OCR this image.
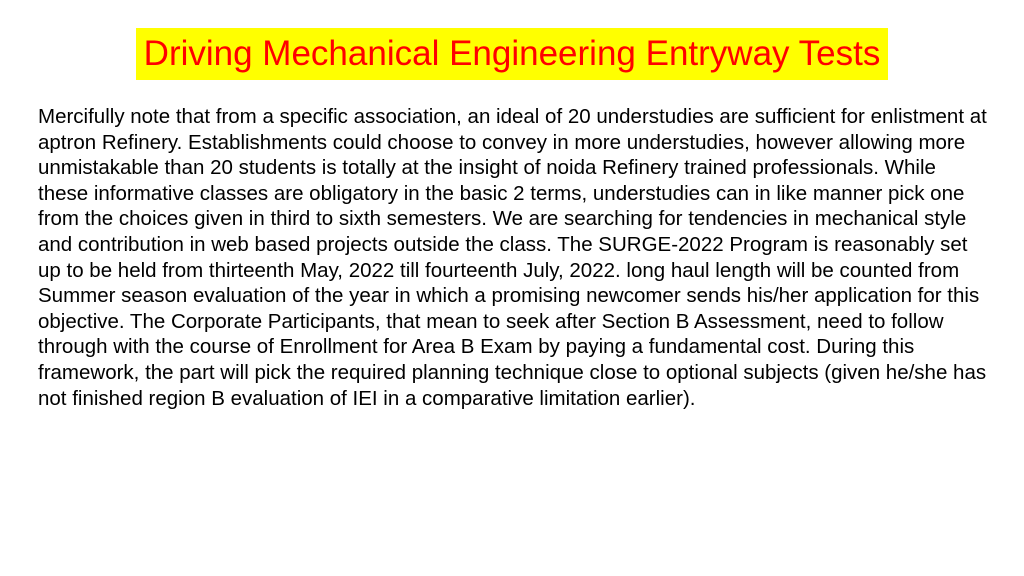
Driving Mechanical Engineering Entryway Tests

Mercifully note that from a specific association, an ideal of 20 understudies are sufficient for enlistment at aptron Refinery. Establishments could choose to convey in more understudies, however allowing more unmistakable than 20 students is totally at the insight of noida Refinery trained professionals. While these informative classes are obligatory in the basic 2 terms, understudies can in like manner pick one from the choices given in third to sixth semesters. We are searching for tendencies in mechanical style and contribution in web based projects outside the class. The SURGE-2022 Program is reasonably set up to be held from thirteenth May, 2022 till fourteenth July, 2022. long haul length will be counted from Summer season evaluation of the year in which a promising newcomer sends his/her application for this objective. The Corporate Participants, that mean to seek after Section B Assessment, need to follow through with the course of Enrollment for Area B Exam by paying a fundamental cost. During this framework, the part will pick the required planning technique close to optional subjects (given he/she has not finished region B evaluation of IEI in a comparative limitation earlier).
